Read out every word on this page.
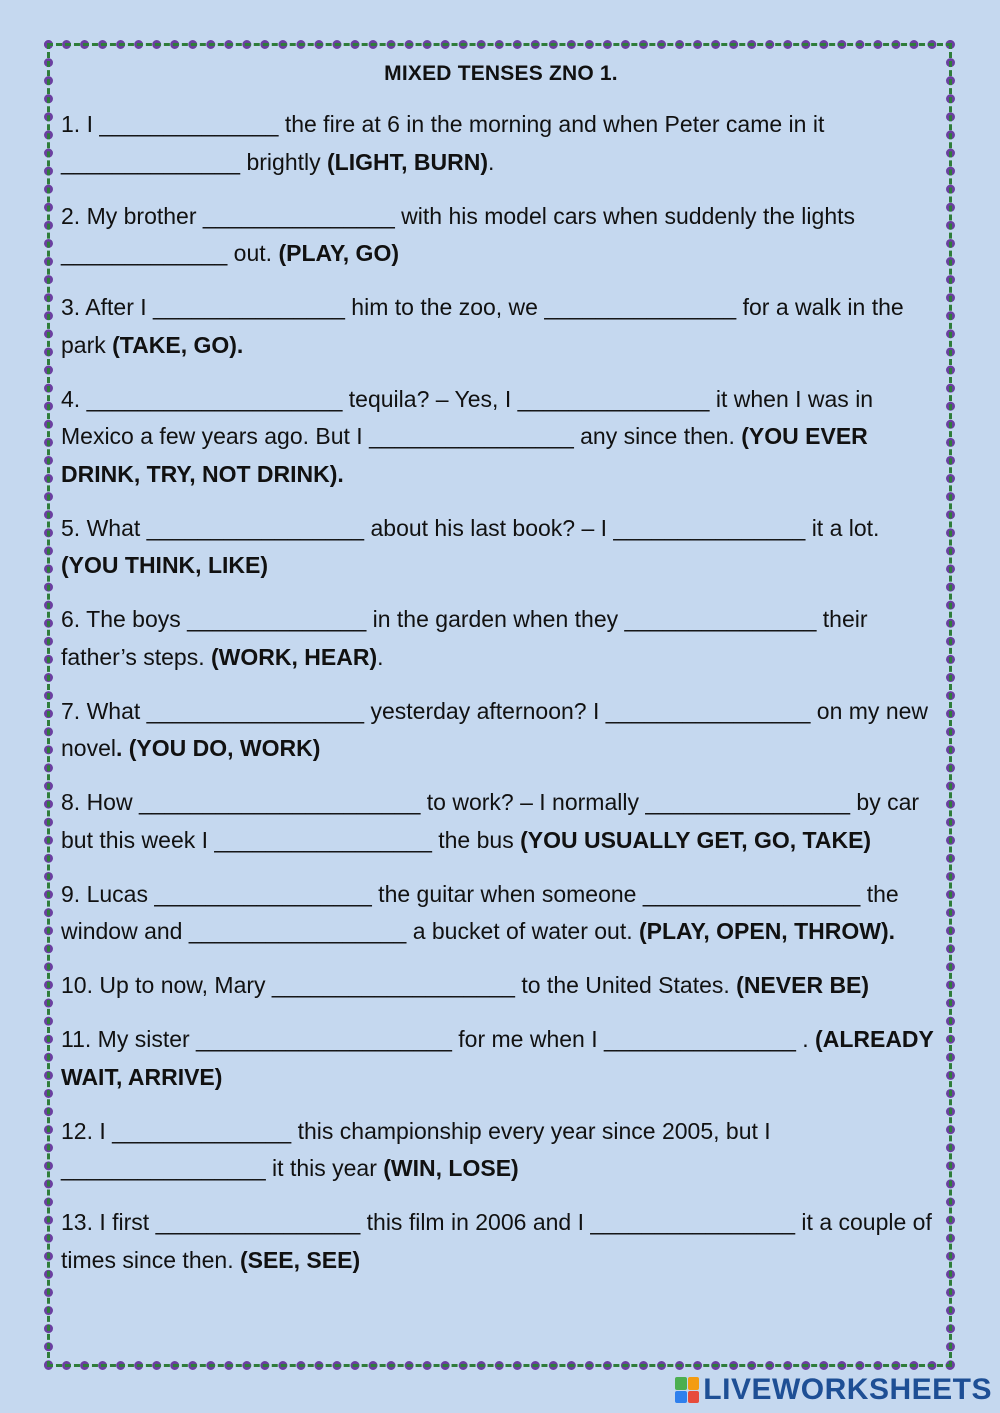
MIXED TENSES ZNO 1.
1. I ______________ the fire at 6 in the morning and when Peter came in it ______________ brightly (LIGHT, BURN).
2. My brother _______________ with his model cars when suddenly the lights _____________ out. (PLAY, GO)
3. After I _______________ him to the zoo, we _______________ for a walk in the park (TAKE, GO).
4. ____________________ tequila? – Yes, I _______________ it when I was in Mexico a few years ago. But I ________________ any since then. (YOU EVER DRINK, TRY, NOT DRINK).
5. What _________________ about his last book? – I _______________ it a lot. (YOU THINK, LIKE)
6. The boys ______________ in the garden when they _______________ their father’s steps. (WORK, HEAR).
7. What _________________ yesterday afternoon? I ________________ on my new novel. (YOU DO, WORK)
8. How ______________________ to work? – I normally ________________ by car but this week I _________________ the bus (YOU USUALLY GET, GO, TAKE)
9. Lucas _________________ the guitar when someone _________________ the window and _________________ a bucket of water out. (PLAY, OPEN, THROW).
10. Up to now, Mary ___________________ to the United States. (NEVER BE)
11. My sister ____________________ for me when I _______________ . (ALREADY WAIT, ARRIVE)
12. I ______________ this championship every year since 2005, but I ________________ it this year (WIN, LOSE)
13. I first ________________ this film in 2006 and I ________________ it a couple of times since then. (SEE, SEE)
LIVEWORKSHEETS
